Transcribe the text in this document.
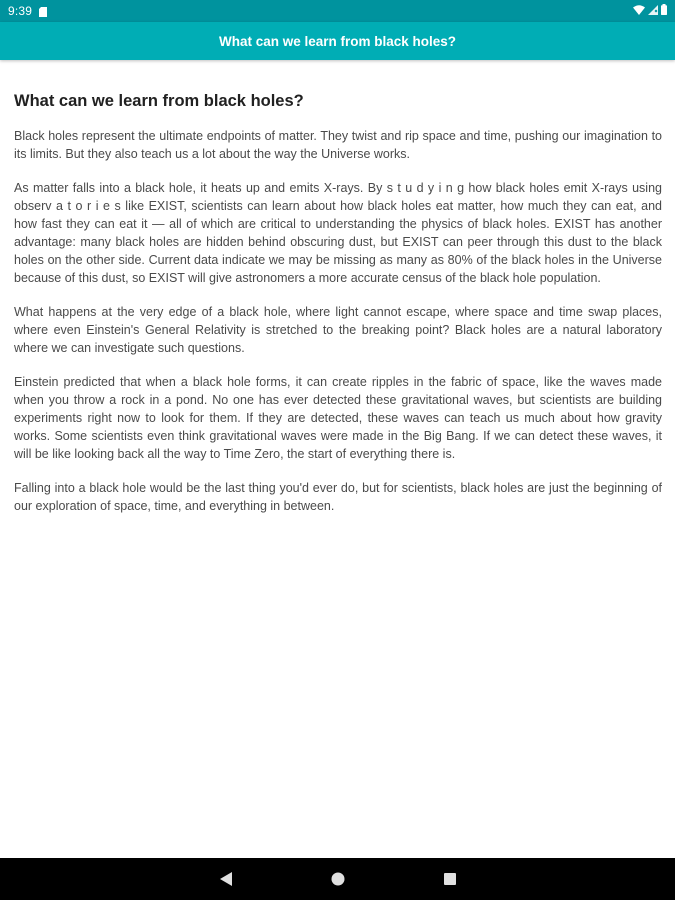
9:39
What can we learn from black holes?
What can we learn from black holes?

Black holes represent the ultimate endpoints of matter. They twist and rip space and time, pushing our imagination to its limits. But they also teach us a lot about the way the Universe works.

As matter falls into a black hole, it heats up and emits X-rays. By s t u d y i n g how black holes emit X-rays using observ a t o r i e s like EXIST, scientists can learn about how black holes eat matter, how much they can eat, and how fast they can eat it — all of which are critical to understanding the physics of black holes. EXIST has another advantage: many black holes are hidden behind obscuring dust, but EXIST can peer through this dust to the black holes on the other side. Current data indicate we may be missing as many as 80% of the black holes in the Universe because of this dust, so EXIST will give astronomers a more accurate census of the black hole population.

What happens at the very edge of a black hole, where light cannot escape, where space and time swap places, where even Einstein's General Relativity is stretched to the breaking point? Black holes are a natural laboratory where we can investigate such questions.

Einstein predicted that when a black hole forms, it can create ripples in the fabric of space, like the waves made when you throw a rock in a pond. No one has ever detected these gravitational waves, but scientists are building experiments right now to look for them. If they are detected, these waves can teach us much about how gravity works. Some scientists even think gravitational waves were made in the Big Bang. If we can detect these waves, it will be like looking back all the way to Time Zero, the start of everything there is.

Falling into a black hole would be the last thing you'd ever do, but for scientists, black holes are just the beginning of our exploration of space, time, and everything in between.
